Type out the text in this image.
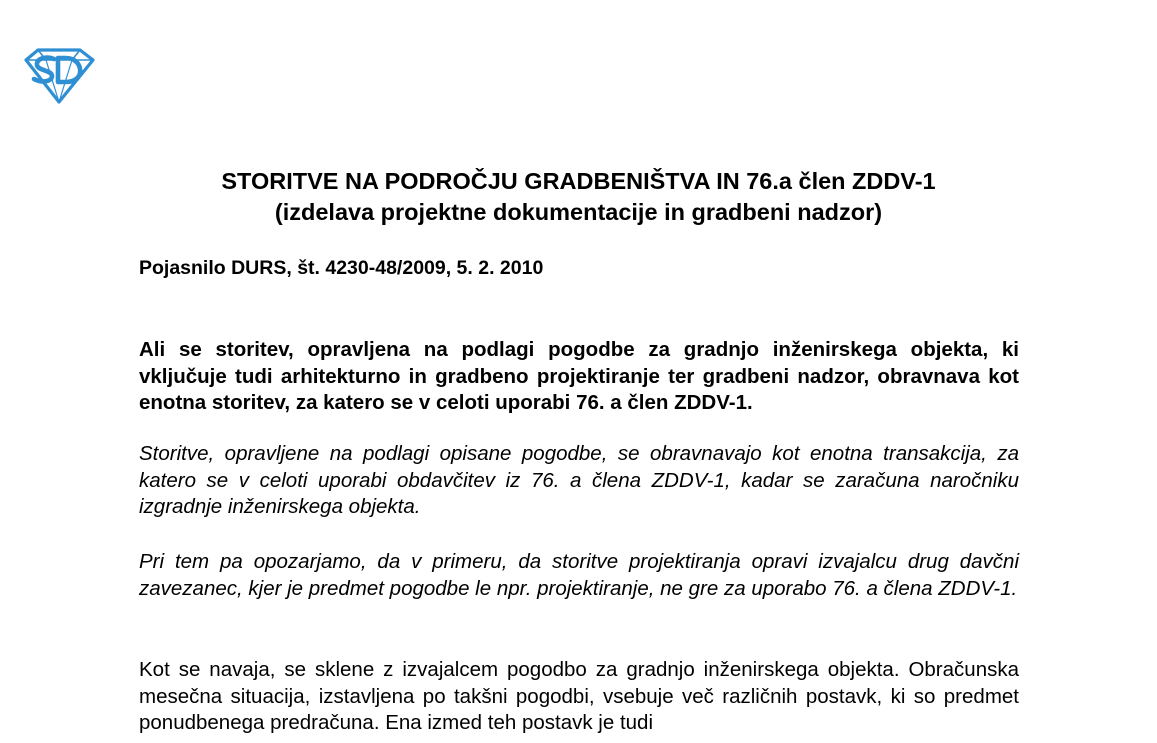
STORITVE NA PODROČJU GRADBENIŠTVA IN 76.a člen ZDDV-1
(izdelava projektne dokumentacije in gradbeni nadzor)

Pojasnilo DURS, št. 4230-48/2009, 5. 2. 2010

Ali se storitev, opravljena na podlagi pogodbe za gradnjo inženirskega objekta, ki vključuje tudi arhitekturno in gradbeno projektiranje ter gradbeni nadzor, obravnava kot enotna storitev, za katero se v celoti uporabi 76. a člen ZDDV-1.

Storitve, opravljene na podlagi opisane pogodbe, se obravnavajo kot enotna transakcija, za katero se v celoti uporabi obdavčitev iz 76. a člena ZDDV-1, kadar se zaračuna naročniku izgradnje inženirskega objekta.

Pri tem pa opozarjamo, da v primeru, da storitve projektiranja opravi izvajalcu drug davčni zavezanec, kjer je predmet pogodbe le npr. projektiranje, ne gre za uporabo 76. a člena ZDDV-1.

Kot se navaja, se sklene z izvajalcem pogodbo za gradnjo inženirskega objekta. Obračunska mesečna situacija, izstavljena po takšni pogodbi, vsebuje več različnih postavk, ki so predmet ponudbenega predračuna. Ena izmed teh postavk je tudi
